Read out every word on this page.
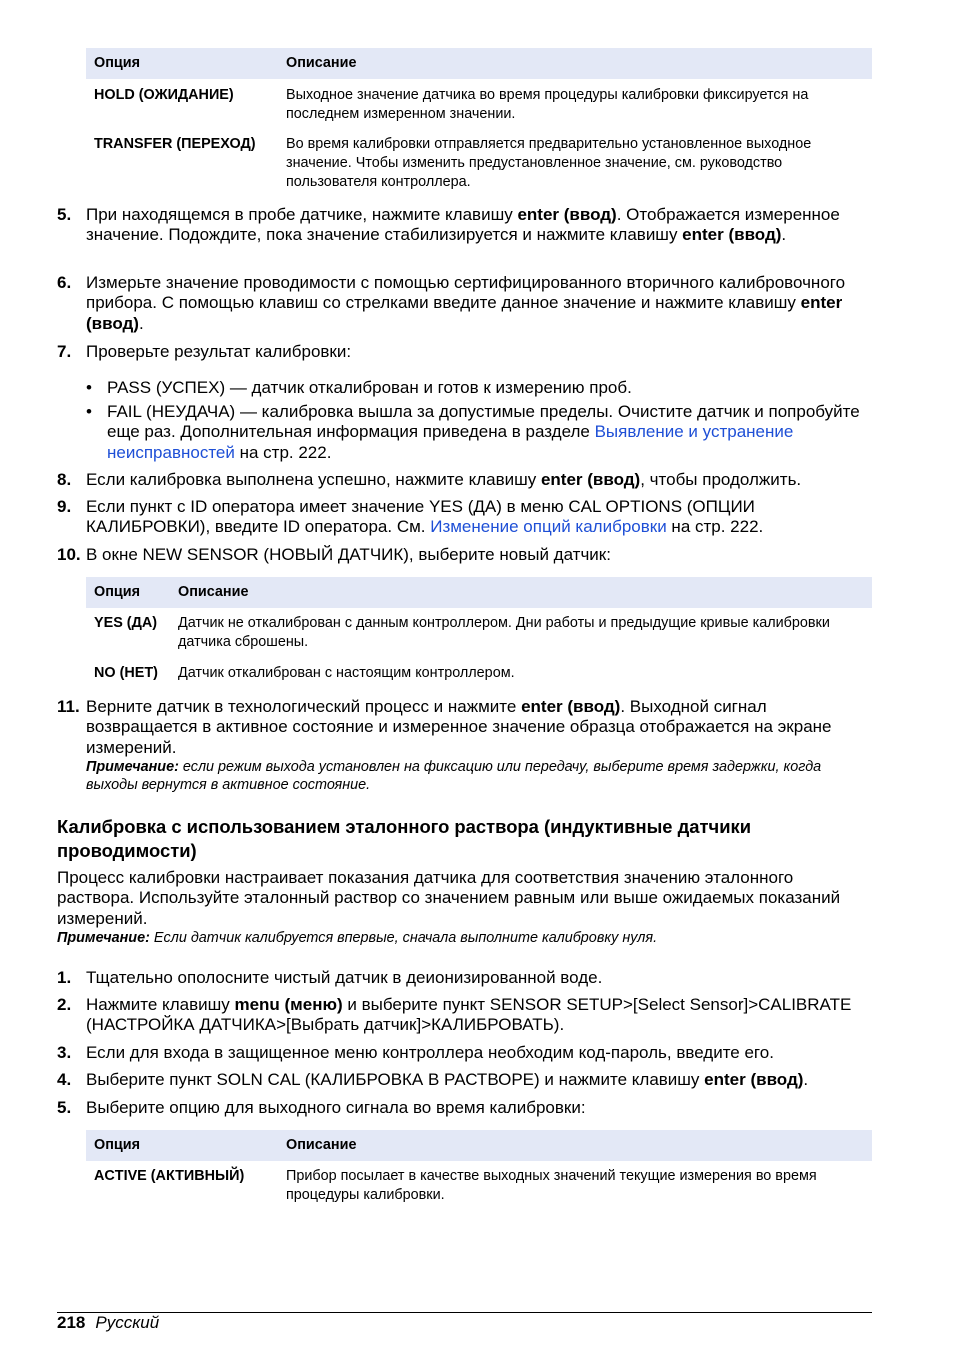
Опция	Описание
HOLD (ОЖИДАНИЕ)	Выходное значение датчика во время процедуры калибровки фиксируется на последнем измеренном значении.
TRANSFER (ПЕРЕХОД)	Во время калибровки отправляется предварительно установленное выходное значение. Чтобы изменить предустановленное значение, см. руководство пользователя контроллера.
5. При находящемся в пробе датчике, нажмите клавишу enter (ввод). Отображается измеренное значение. Подождите, пока значение стабилизируется и нажмите клавишу enter (ввод).
6. Измерьте значение проводимости с помощью сертифицированного вторичного калибровочного прибора. С помощью клавиш со стрелками введите данное значение и нажмите клавишу enter (ввод).
7. Проверьте результат калибровки:
• PASS (УСПЕХ) — датчик откалиброван и готов к измерению проб.
• FAIL (НЕУДАЧА) — калибровка вышла за допустимые пределы. Очистите датчик и попробуйте еще раз. Дополнительная информация приведена в разделе Выявление и устранение неисправностей на стр. 222.
8. Если калибровка выполнена успешно, нажмите клавишу enter (ввод), чтобы продолжить.
9. Если пункт с ID оператора имеет значение YES (ДА) в меню CAL OPTIONS (ОПЦИИ КАЛИБРОВКИ), введите ID оператора. См. Изменение опций калибровки на стр. 222.
10. В окне NEW SENSOR (НОВЫЙ ДАТЧИК), выберите новый датчик:
Опция	Описание
YES (ДА)	Датчик не откалиброван с данным контроллером. Дни работы и предыдущие кривые калибровки датчика сброшены.
NO (НЕТ)	Датчик откалиброван с настоящим контроллером.
11. Верните датчик в технологический процесс и нажмите enter (ввод). Выходной сигнал возвращается в активное состояние и измеренное значение образца отображается на экране измерений.
Примечание: если режим выхода установлен на фиксацию или передачу, выберите время задержки, когда выходы вернутся в активное состояние.
Калибровка с использованием эталонного раствора (индуктивные датчики проводимости)
Процесс калибровки настраивает показания датчика для соответствия значению эталонного раствора. Используйте эталонный раствор со значением равным или выше ожидаемых показаний измерений.
Примечание: Если датчик калибруется впервые, сначала выполните калибровку нуля.
1. Тщательно ополосните чистый датчик в деионизированной воде.
2. Нажмите клавишу menu (меню) и выберите пункт SENSOR SETUP>[Select Sensor]>CALIBRATE (НАСТРОЙКА ДАТЧИКА>[Выбрать датчик]>КАЛИБРОВАТЬ).
3. Если для входа в защищенное меню контроллера необходим код-пароль, введите его.
4. Выберите пункт SOLN CAL (КАЛИБРОВКА В РАСТВОРЕ) и нажмите клавишу enter (ввод).
5. Выберите опцию для выходного сигнала во время калибровки:
Опция	Описание
ACTIVE (АКТИВНЫЙ)	Прибор посылает в качестве выходных значений текущие измерения во время процедуры калибровки.
218 Русский
